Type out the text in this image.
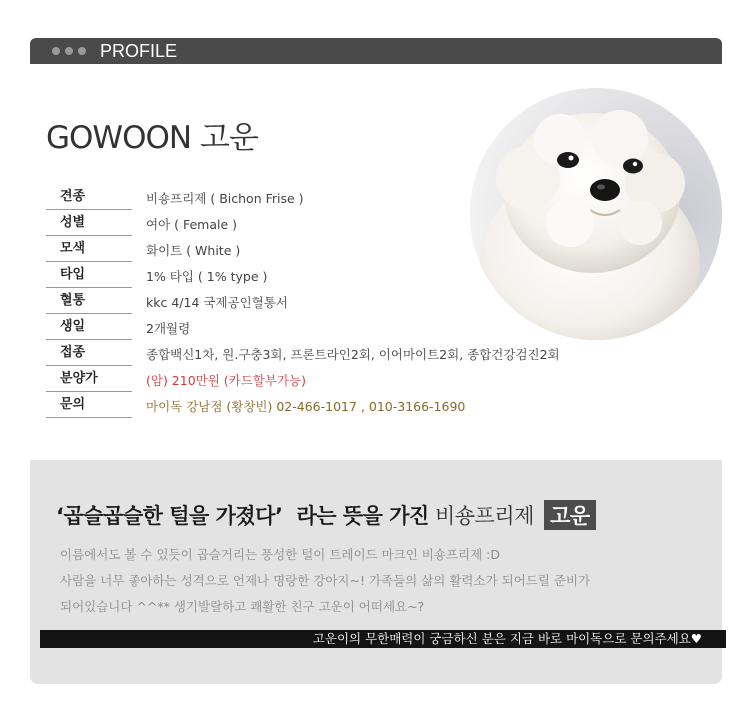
PROFILE
GOWOON 고운
견종	비숑프리제 ( Bichon Frise )
성별	여아 ( Female )
모색	화이트 ( White )
타입	1% 타입 ( 1% type )
혈통	kkc 4/14 국제공인혈통서
생일	2개월령
접종	종합백신1차, 원.구충3회, 프론트라인2회, 이어마이트2회, 종합건강검진2회
분양가	(암) 210만원 (카드할부가능)
문의	마이독 강남점 (황창빈) 02-466-1017 , 010-3166-1690
‘곱슬곱슬한 털을 가졌다’ 라는 뜻을 가진 비숑프리제 고운
이름에서도 볼 수 있듯이 곱슬거리는 풍성한 털이 트레이드 마크인 비숑프리제 :D
사람을 너무 좋아하는 성격으로 언제나 명랑한 강아지~! 가족들의 삶의 활력소가 되어드릴 준비가
되어있습니다 ^^** 생기발랄하고 쾌활한 친구 고운이 어떠세요~?
고운이의 무한매력이 궁금하신 분은 지금 바로 마이독으로 문의주세요♥
